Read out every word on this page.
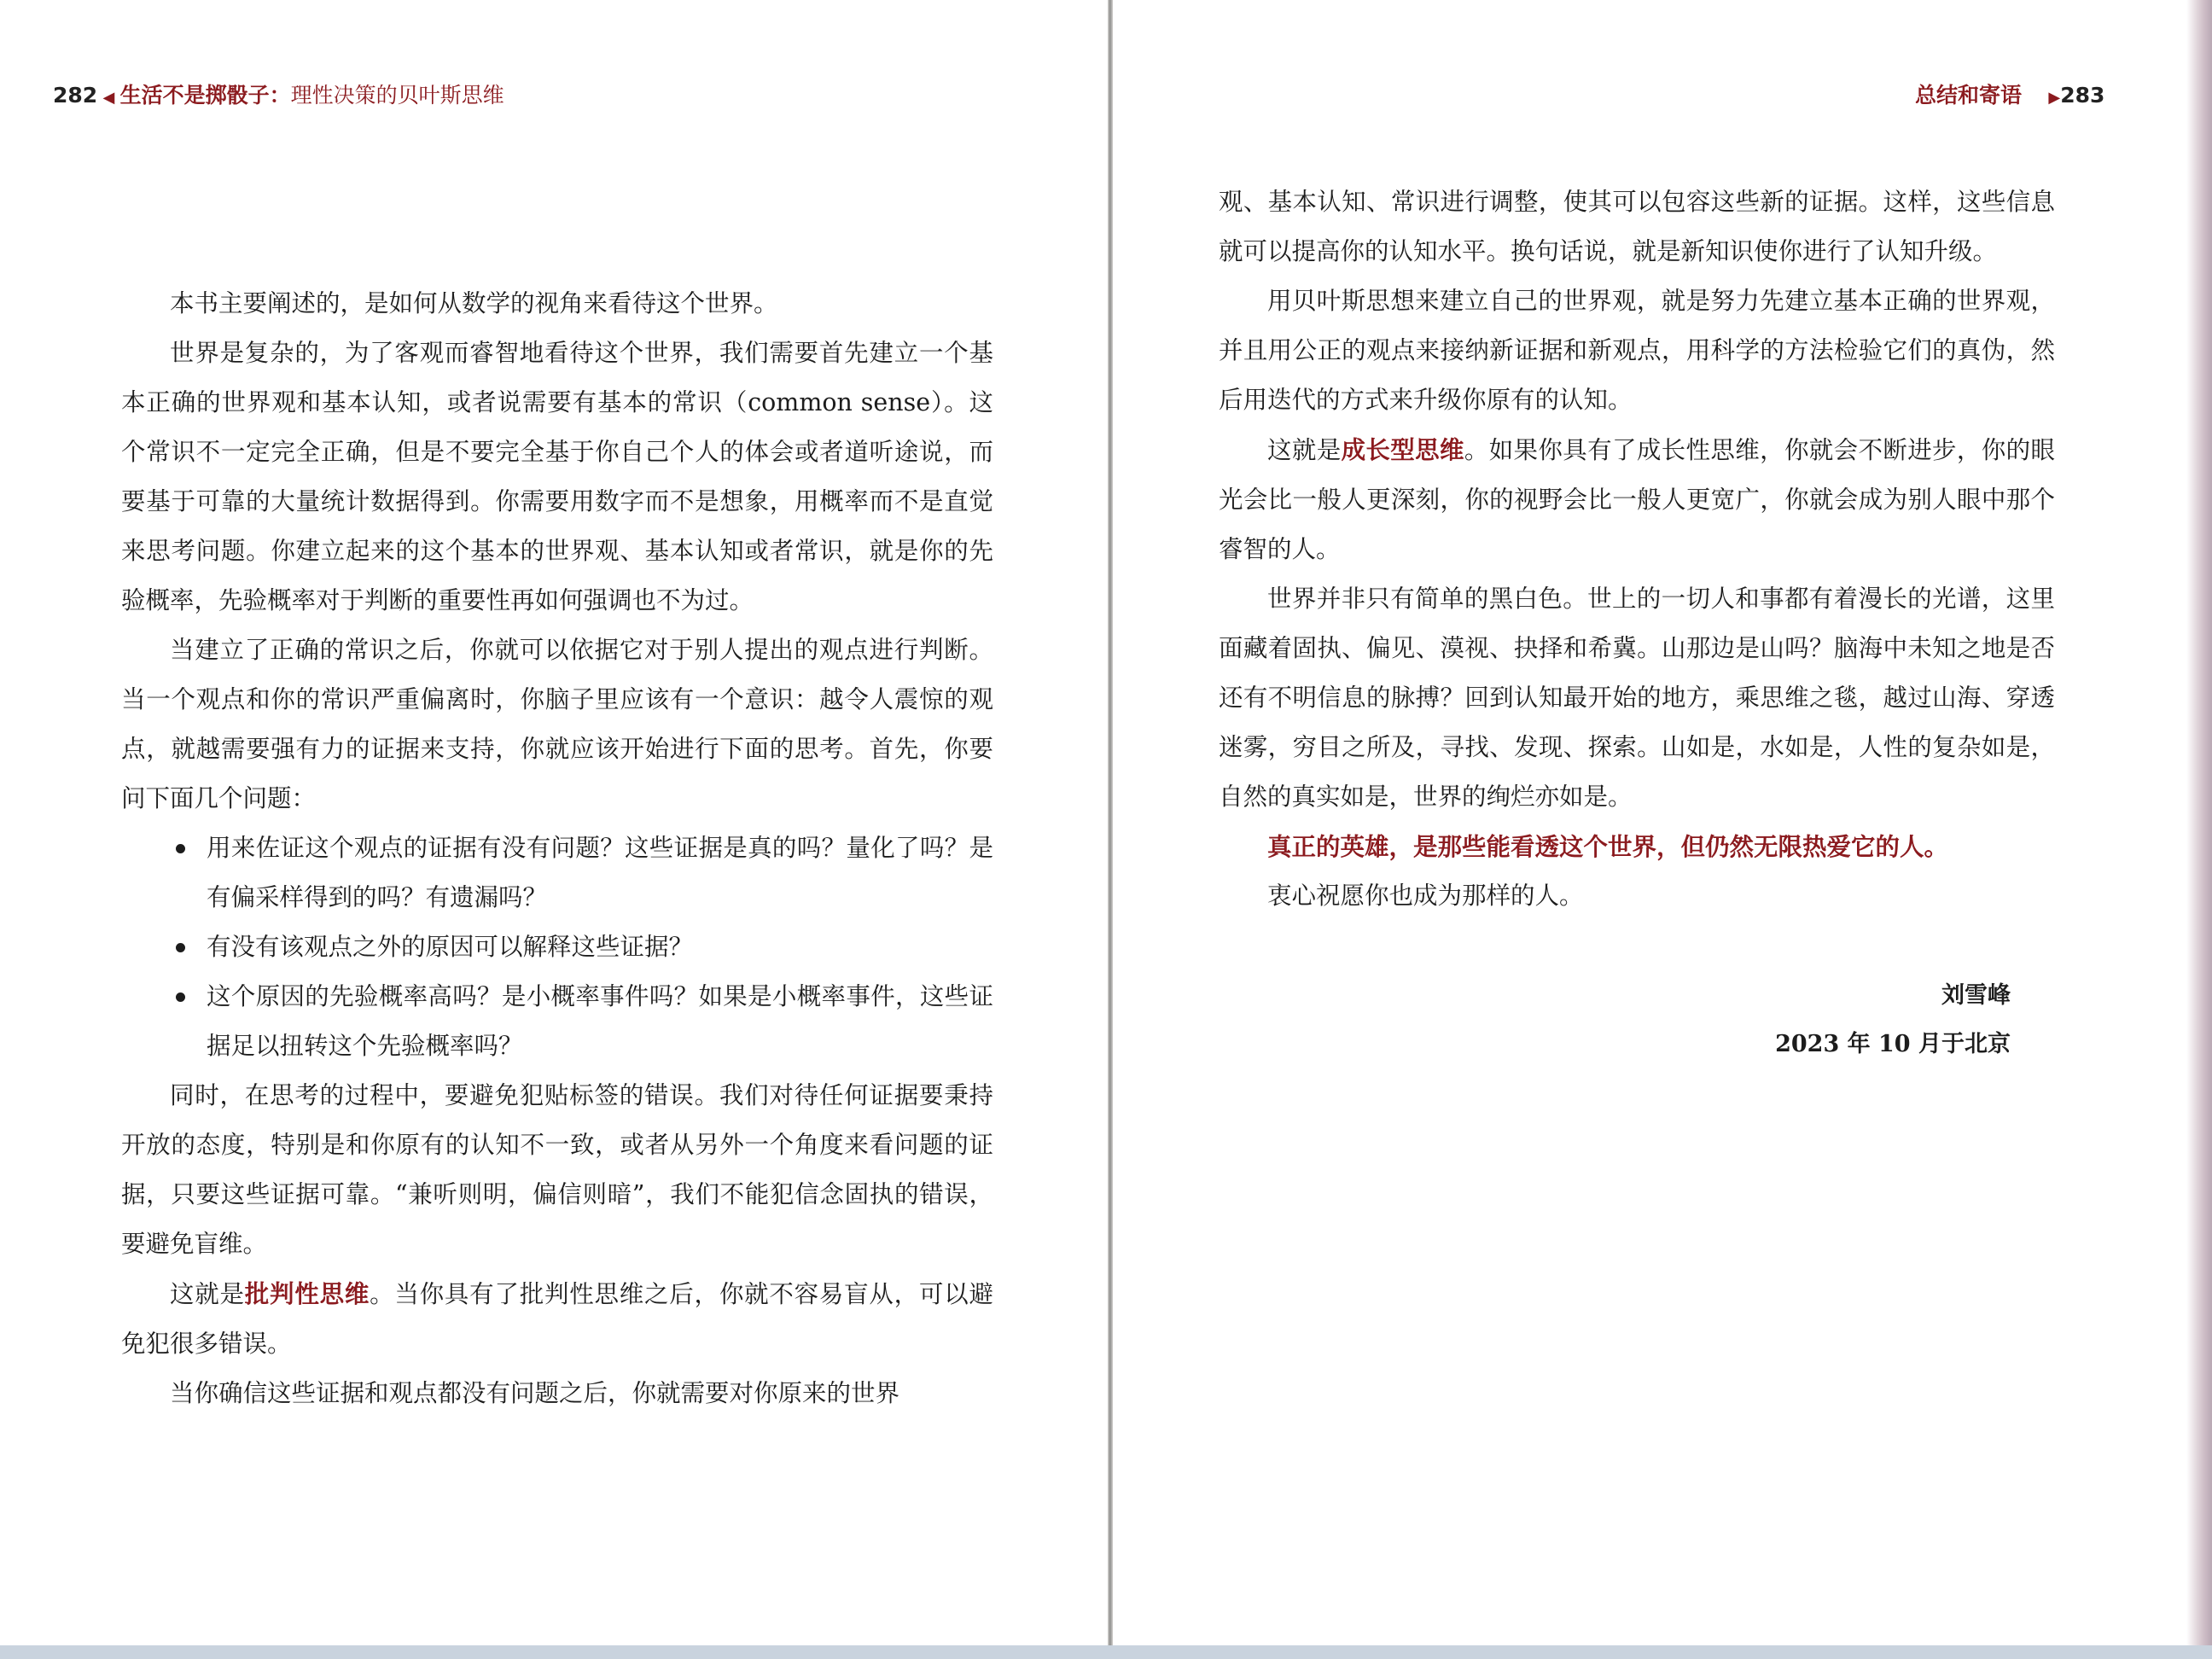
282 ◀ 生活不是掷骰子：理性决策的贝叶斯思维

本书主要阐述的，是如何从数学的视角来看待这个世界。

世界是复杂的，为了客观而睿智地看待这个世界，我们需要首先建立一个基本正确的世界观和基本认知，或者说需要有基本的常识（common sense）。这个常识不一定完全正确，但是不要完全基于你自己个人的体会或者道听途说，而要基于可靠的大量统计数据得到。你需要用数字而不是想象，用概率而不是直觉来思考问题。你建立起来的这个基本的世界观、基本认知或者常识，就是你的先验概率，先验概率对于判断的重要性再如何强调也不为过。

当建立了正确的常识之后，你就可以依据它对于别人提出的观点进行判断。当一个观点和你的常识严重偏离时，你脑子里应该有一个意识：越令人震惊的观点，就越需要强有力的证据来支持，你就应该开始进行下面的思考。首先，你要问下面几个问题：

用来佐证这个观点的证据有没有问题？这些证据是真的吗？量化了吗？是有偏采样得到的吗？有遗漏吗？
有没有该观点之外的原因可以解释这些证据？
这个原因的先验概率高吗？是小概率事件吗？如果是小概率事件，这些证据足以扭转这个先验概率吗？

同时，在思考的过程中，要避免犯贴标签的错误。我们对待任何证据要秉持开放的态度，特别是和你原有的认知不一致，或者从另外一个角度来看问题的证据，只要这些证据可靠。“兼听则明，偏信则暗”，我们不能犯信念固执的错误，要避免盲维。

这就是批判性思维。当你具有了批判性思维之后，你就不容易盲从，可以避免犯很多错误。

当你确信这些证据和观点都没有问题之后，你就需要对你原来的世界

总结和寄语     ▶283

观、基本认知、常识进行调整，使其可以包容这些新的证据。这样，这些信息就可以提高你的认知水平。换句话说，就是新知识使你进行了认知升级。

用贝叶斯思想来建立自己的世界观，就是努力先建立基本正确的世界观，并且用公正的观点来接纳新证据和新观点，用科学的方法检验它们的真伪，然后用迭代的方式来升级你原有的认知。

这就是成长型思维。如果你具有了成长性思维，你就会不断进步，你的眼光会比一般人更深刻，你的视野会比一般人更宽广，你就会成为别人眼中那个睿智的人。

世界并非只有简单的黑白色。世上的一切人和事都有着漫长的光谱，这里面藏着固执、偏见、漠视、抉择和希冀。山那边是山吗？脑海中未知之地是否还有不明信息的脉搏？回到认知最开始的地方，乘思维之毯，越过山海、穿透迷雾，穷目之所及，寻找、发现、探索。山如是，水如是，人性的复杂如是，自然的真实如是，世界的绚烂亦如是。

真正的英雄，是那些能看透这个世界，但仍然无限热爱它的人。

衷心祝愿你也成为那样的人。

刘雪峰
2023 年 10 月于北京
